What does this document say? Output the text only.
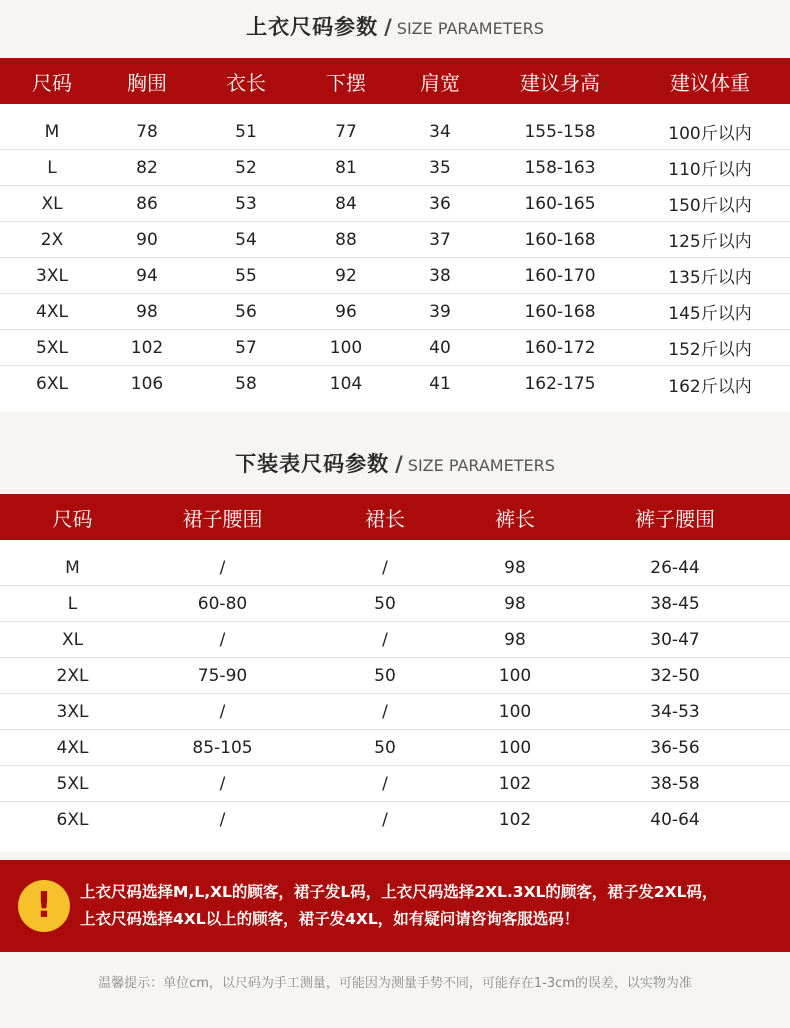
上衣尺码参数 / SIZE PARAMETERS
尺码	胸围	衣长	下摆	肩宽	建议身高	建议体重
M	78	51	77	34	155-158	100斤以内
L	82	52	81	35	158-163	110斤以内
XL	86	53	84	36	160-165	150斤以内
2X	90	54	88	37	160-168	125斤以内
3XL	94	55	92	38	160-170	135斤以内
4XL	98	56	96	39	160-168	145斤以内
5XL	102	57	100	40	160-172	152斤以内
6XL	106	58	104	41	162-175	162斤以内
下装表尺码参数 / SIZE PARAMETERS
尺码	裙子腰围	裙长	裤长	裤子腰围
M	/	/	98	26-44
L	60-80	50	98	38-45
XL	/	/	98	30-47
2XL	75-90	50	100	32-50
3XL	/	/	100	34-53
4XL	85-105	50	100	36-56
5XL	/	/	102	38-58
6XL	/	/	102	40-64
! 上衣尺码选择M,L,XL的顾客，裙子发L码，上衣尺码选择2XL.3XL的顾客，裙子发2XL码，
上衣尺码选择4XL以上的顾客，裙子发4XL，如有疑问请咨询客服选码！
温馨提示：单位cm，以尺码为手工测量，可能因为测量手势不同，可能存在1-3cm的误差，以实物为准
